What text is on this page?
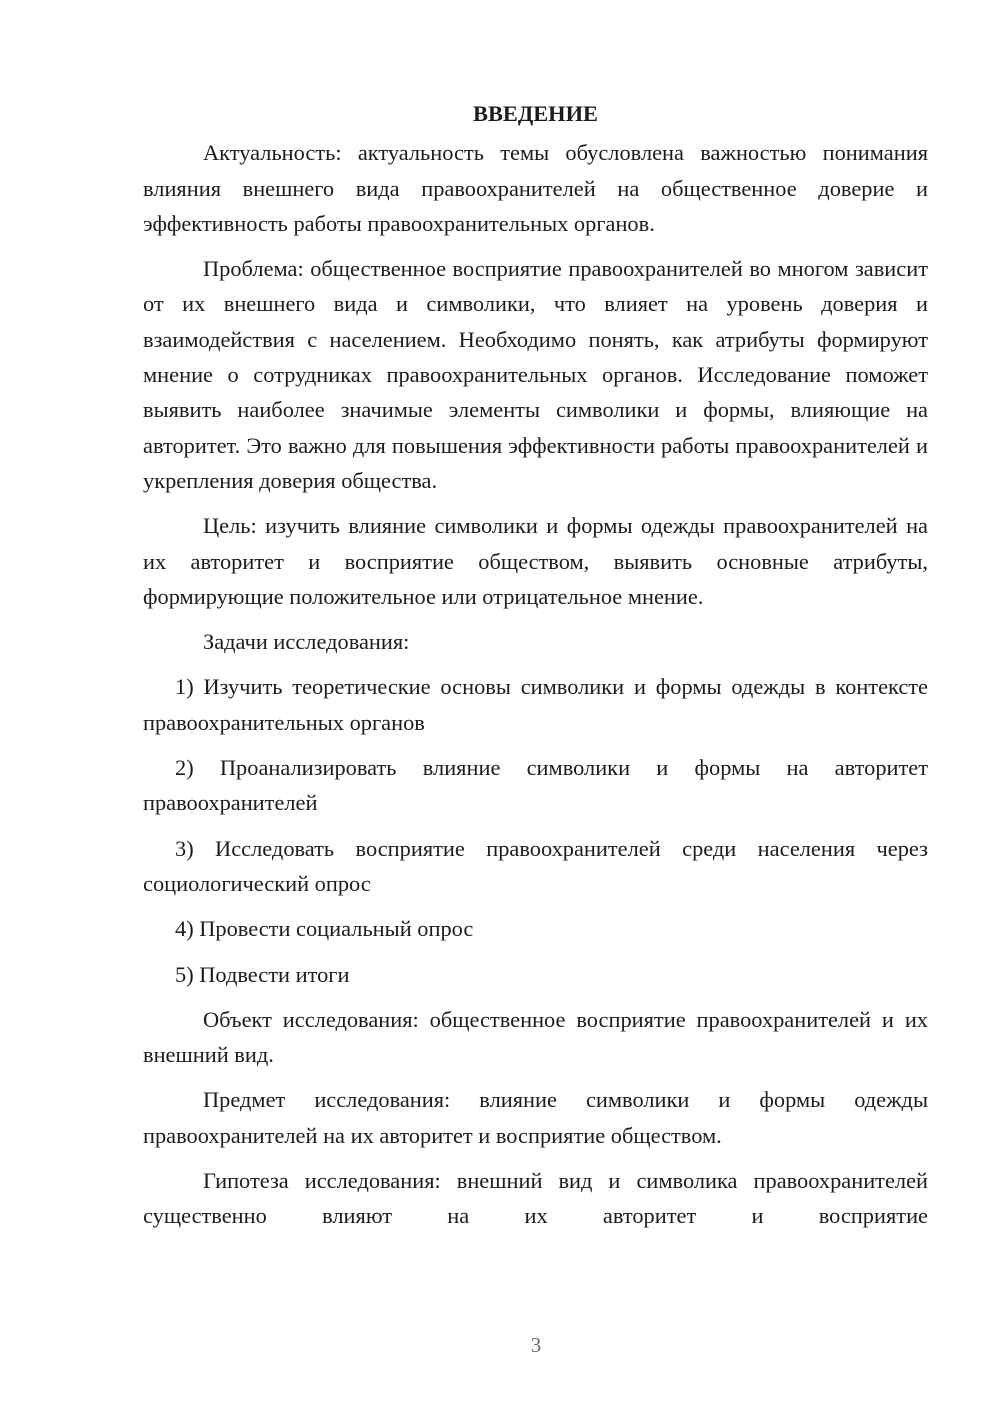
ВВЕДЕНИЕ

Актуальность: актуальность темы обусловлена важностью понимания влияния внешнего вида правоохранителей на общественное доверие и эффективность работы правоохранительных органов.

Проблема: общественное восприятие правоохранителей во многом зависит от их внешнего вида и символики, что влияет на уровень доверия и взаимодействия с населением. Необходимо понять, как атрибуты формируют мнение о сотрудниках правоохранительных органов. Исследование поможет выявить наиболее значимые элементы символики и формы, влияющие на авторитет. Это важно для повышения эффективности работы правоохранителей и укрепления доверия общества.

Цель: изучить влияние символики и формы одежды правоохранителей на их авторитет и восприятие обществом, выявить основные атрибуты, формирующие положительное или отрицательное мнение.

Задачи исследования:

1) Изучить теоретические основы символики и формы одежды в контексте правоохранительных органов

2) Проанализировать влияние символики и формы на авторитет правоохранителей

3) Исследовать восприятие правоохранителей среди населения через социологический опрос

4) Провести социальный опрос

5) Подвести итоги

Объект исследования: общественное восприятие правоохранителей и их внешний вид.

Предмет исследования: влияние символики и формы одежды правоохранителей на их авторитет и восприятие обществом.

Гипотеза исследования: внешний вид и символика правоохранителей существенно влияют на их авторитет и восприятие

3
